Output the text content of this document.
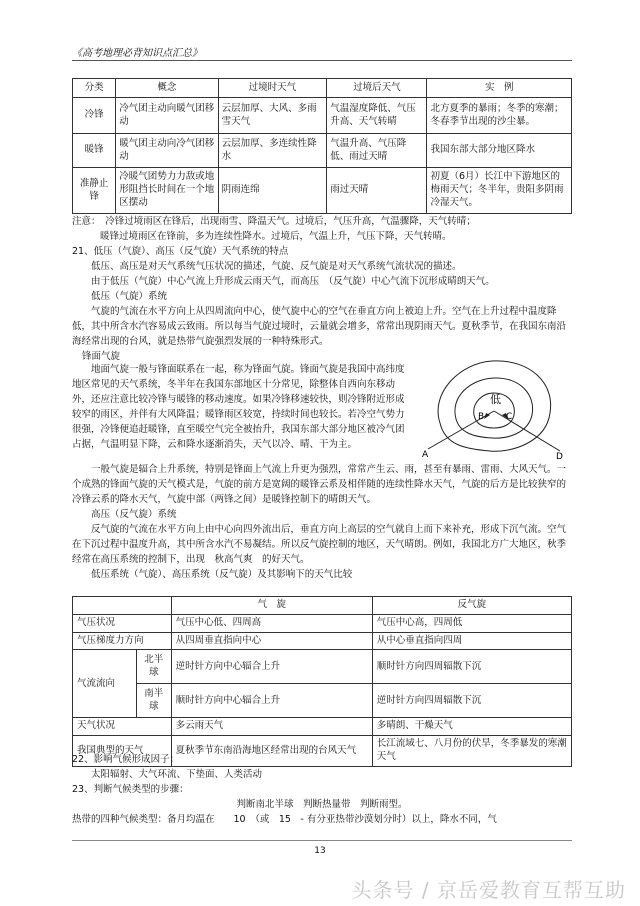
《高考地理必背知识点汇总》
分类	概念	过境时天气	过境后天气	实　例
冷锋	冷气团主动向暖气团移动	云层加厚、大风、多雨雪天气	气温湿度降低、气压升高、天气转晴	北方夏季的暴雨；冬季的寒潮；冬春季节出现的沙尘暴。
暖锋	暖气团主动向冷气团移动	云层加厚、多连续性降水	气温升高、气压降低、雨过天晴	我国东部大部分地区降水
准静止锋	冷暖气团势力力敌或地形阻挡长时间在一个地区摆动	阴雨连绵	雨过天晴	初夏（6月）长江中下游地区的梅雨天气；冬半年，贵阳多阴雨冷湿天气。

注意：　冷锋过境雨区在锋后，出现雨雪、降温天气。过境后，气压升高，气温骤降，天气转晴；

暖锋过境雨区在锋前，多为连续性降水。过境后，气温上升，气压下降，天气转晴。

21、低压（气旋）、高压（反气旋）天气系统的特点

低压、高压是对天气系统气压状况的描述，气旋、反气旋是对天气系统气流状况的描述。

由于低压（气旋）中心气流上升形成云雨天气，而高压　（反气旋）中心气流下沉形成晴朗天气。

低压（气旋）系统

气旋的气流在水平方向上从四周流向中心，使气旋中心的空气在垂直方向上被迫上升。空气在上升过程中温度降低，其中所含水汽容易成云致雨。所以每当气旋过境时，云量就会增多，常常出现阴雨天气。夏秋季节，在我国东南沿海经常出现的台风，就是热带气旋强烈发展的一种特殊形式。

锋面气旋

地面气旋一般与锋面联系在一起，称为锋面气旋。锋面气旋是我国中高纬度地区常见的天气系统，冬半年在我国东部地区十分常见，除整体自西向东移动外，还应注意比较冷锋与暖锋的移动速度。如果冷锋移速较快，则冷锋附近形成较窄的雨区，并伴有大风降温；暖锋雨区较宽，持续时间也较长。若冷空气势力很强，冷锋便追赶暖锋，直至暖空气完全被抬升，我国东部大部分地区被冷气团占据，气温明显下降，云和降水逐渐消失，天气以冷、晴、干为主。

低
A
B C
D

一般气旋是辐合上升系统，特别是锋面上气流上升更为强烈，常常产生云、雨，甚至有暴雨、雷雨、大风天气。一个成熟的锋面气旋的天气模式是，气旋的前方是宽阔的暖锋云系及相伴随的连续性降水天气，气旋的后方是比较狭窄的冷锋云系的降水天气，气旋中部（两锋之间）是暖锋控制下的晴朗天气。

高压（反气旋）系统

反气旋的气流在水平方向上由中心向四外流出后，垂直方向上高层的空气就自上而下来补充，形成下沉气流。空气在下沉过程中温度升高，其中所含水汽不易凝结。所以反气旋控制的地区，天气晴朗。例如，我国北方广大地区，秋季经常在高压系统的控制下，出现　秋高气爽　的好天气。

低压系统（气旋）、高压系统（反气旋）及其影响下的天气比较

		气　旋	反气旋
气压状况		气压中心低、四周高	气压中心高，四周低
气压梯度力方向		从四周垂直指向中心	从中心垂直指向四周
气流流向	北半球	逆时针方向中心辐合上升	顺时针方向四周辐散下沉
	南半球	顺时针方向中心辐合上升	逆时针方向四周辐散下沉
天气状况		多云雨天气	多晴朗、干燥天气
我国典型的天气		夏秋季节东南沿海地区经常出现的台风天气	长江流域七、八月份的伏旱，冬季暴发的寒潮天气

22、影响气候形成因子：

太阳辐射、大气环流、下垫面、人类活动

23、判断气候类型的步骤：

判断南北半球　判断热量带　判断雨型。

热带的四种气候类型：备月均温在　　10　（或　15　- 有分亚热带沙漠划分时）以上，降水不同，气

13
头条号 / 京岳爱教育互帮互助
